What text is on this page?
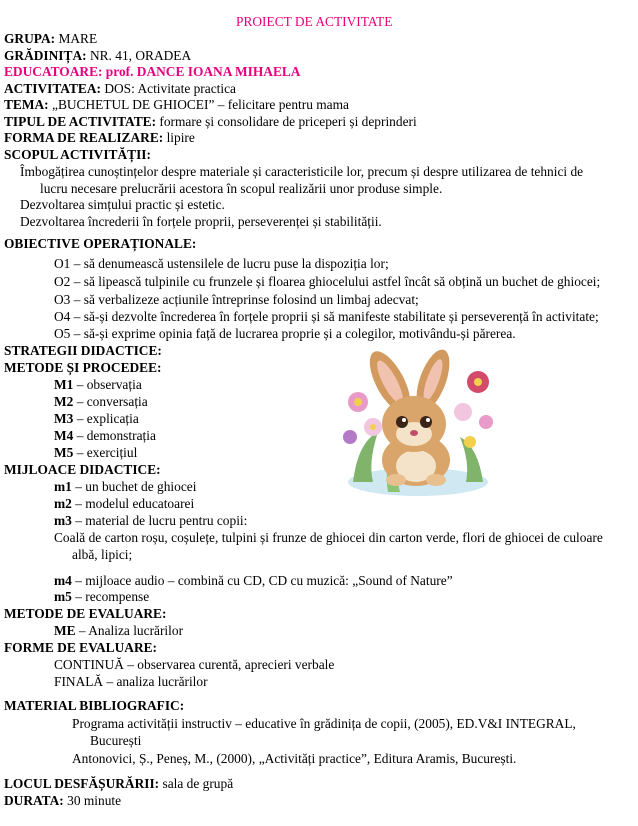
PROIECT DE ACTIVITATE
GRUPA: MARE
GRĂDINIȚA: NR. 41, ORADEA
EDUCATOARE: prof. DANCE IOANA MIHAELA
ACTIVITATEA: DOS: Activitate practica
TEMA: „BUCHETUL DE GHIOCEI” – felicitare pentru mama
TIPUL DE ACTIVITATE: formare și consolidare de priceperi și deprinderi
FORMA DE REALIZARE: lipire
SCOPUL ACTIVITĂȚII:
Îmbogățirea cunoștințelor despre materiale și caracteristicile lor, precum și despre utilizarea de tehnici de
lucru necesare prelucrării acestora în scopul realizării unor produse simple.
Dezvoltarea simțului practic și estetic.
Dezvoltarea încrederii în forțele proprii, perseverenței și stabilității.
OBIECTIVE OPERAȚIONALE:
O1 – să denumească ustensilele de lucru puse la dispoziția lor;
O2 – să lipească tulpinile cu frunzele și floarea ghiocelului astfel încât să obțină un buchet de ghiocei;
O3 – să verbalizeze acțiunile întreprinse folosind un limbaj adecvat;
O4 – să-și dezvolte încrederea în forțele proprii și să manifeste stabilitate și perseverență în activitate;
O5 – să-și exprime opinia față de lucrarea proprie și a colegilor, motivându-și părerea.
STRATEGII DIDACTICE:
METODE ȘI PROCEDEE:
M1 – observația
M2 – conversația
M3 – explicația
M4 – demonstrația
M5 – exercițiul
MIJLOACE DIDACTICE:
m1 – un buchet de ghiocei
m2 – modelul educatoarei
m3 – material de lucru pentru copii:
Coală de carton roșu, coșulețe, tulpini și frunze de ghiocei din carton verde, flori de ghiocei de culoare
albă, lipici;
m4 – mijloace audio – combină cu CD, CD cu muzică: „Sound of Nature”
m5 – recompense
METODE DE EVALUARE:
ME – Analiza lucrărilor
FORME DE EVALUARE:
CONTINUĂ – observarea curentă, aprecieri verbale
FINALĂ – analiza lucrărilor
MATERIAL BIBLIOGRAFIC:
Programa activității instructiv – educative în grădinița de copii, (2005), ED.V&I INTEGRAL,
București
Antonovici, Ș., Peneș, M., (2000), „Activități practice”, Editura Aramis, București.
LOCUL DESFĂȘURĂRII: sala de grupă
DURATA: 30 minute
